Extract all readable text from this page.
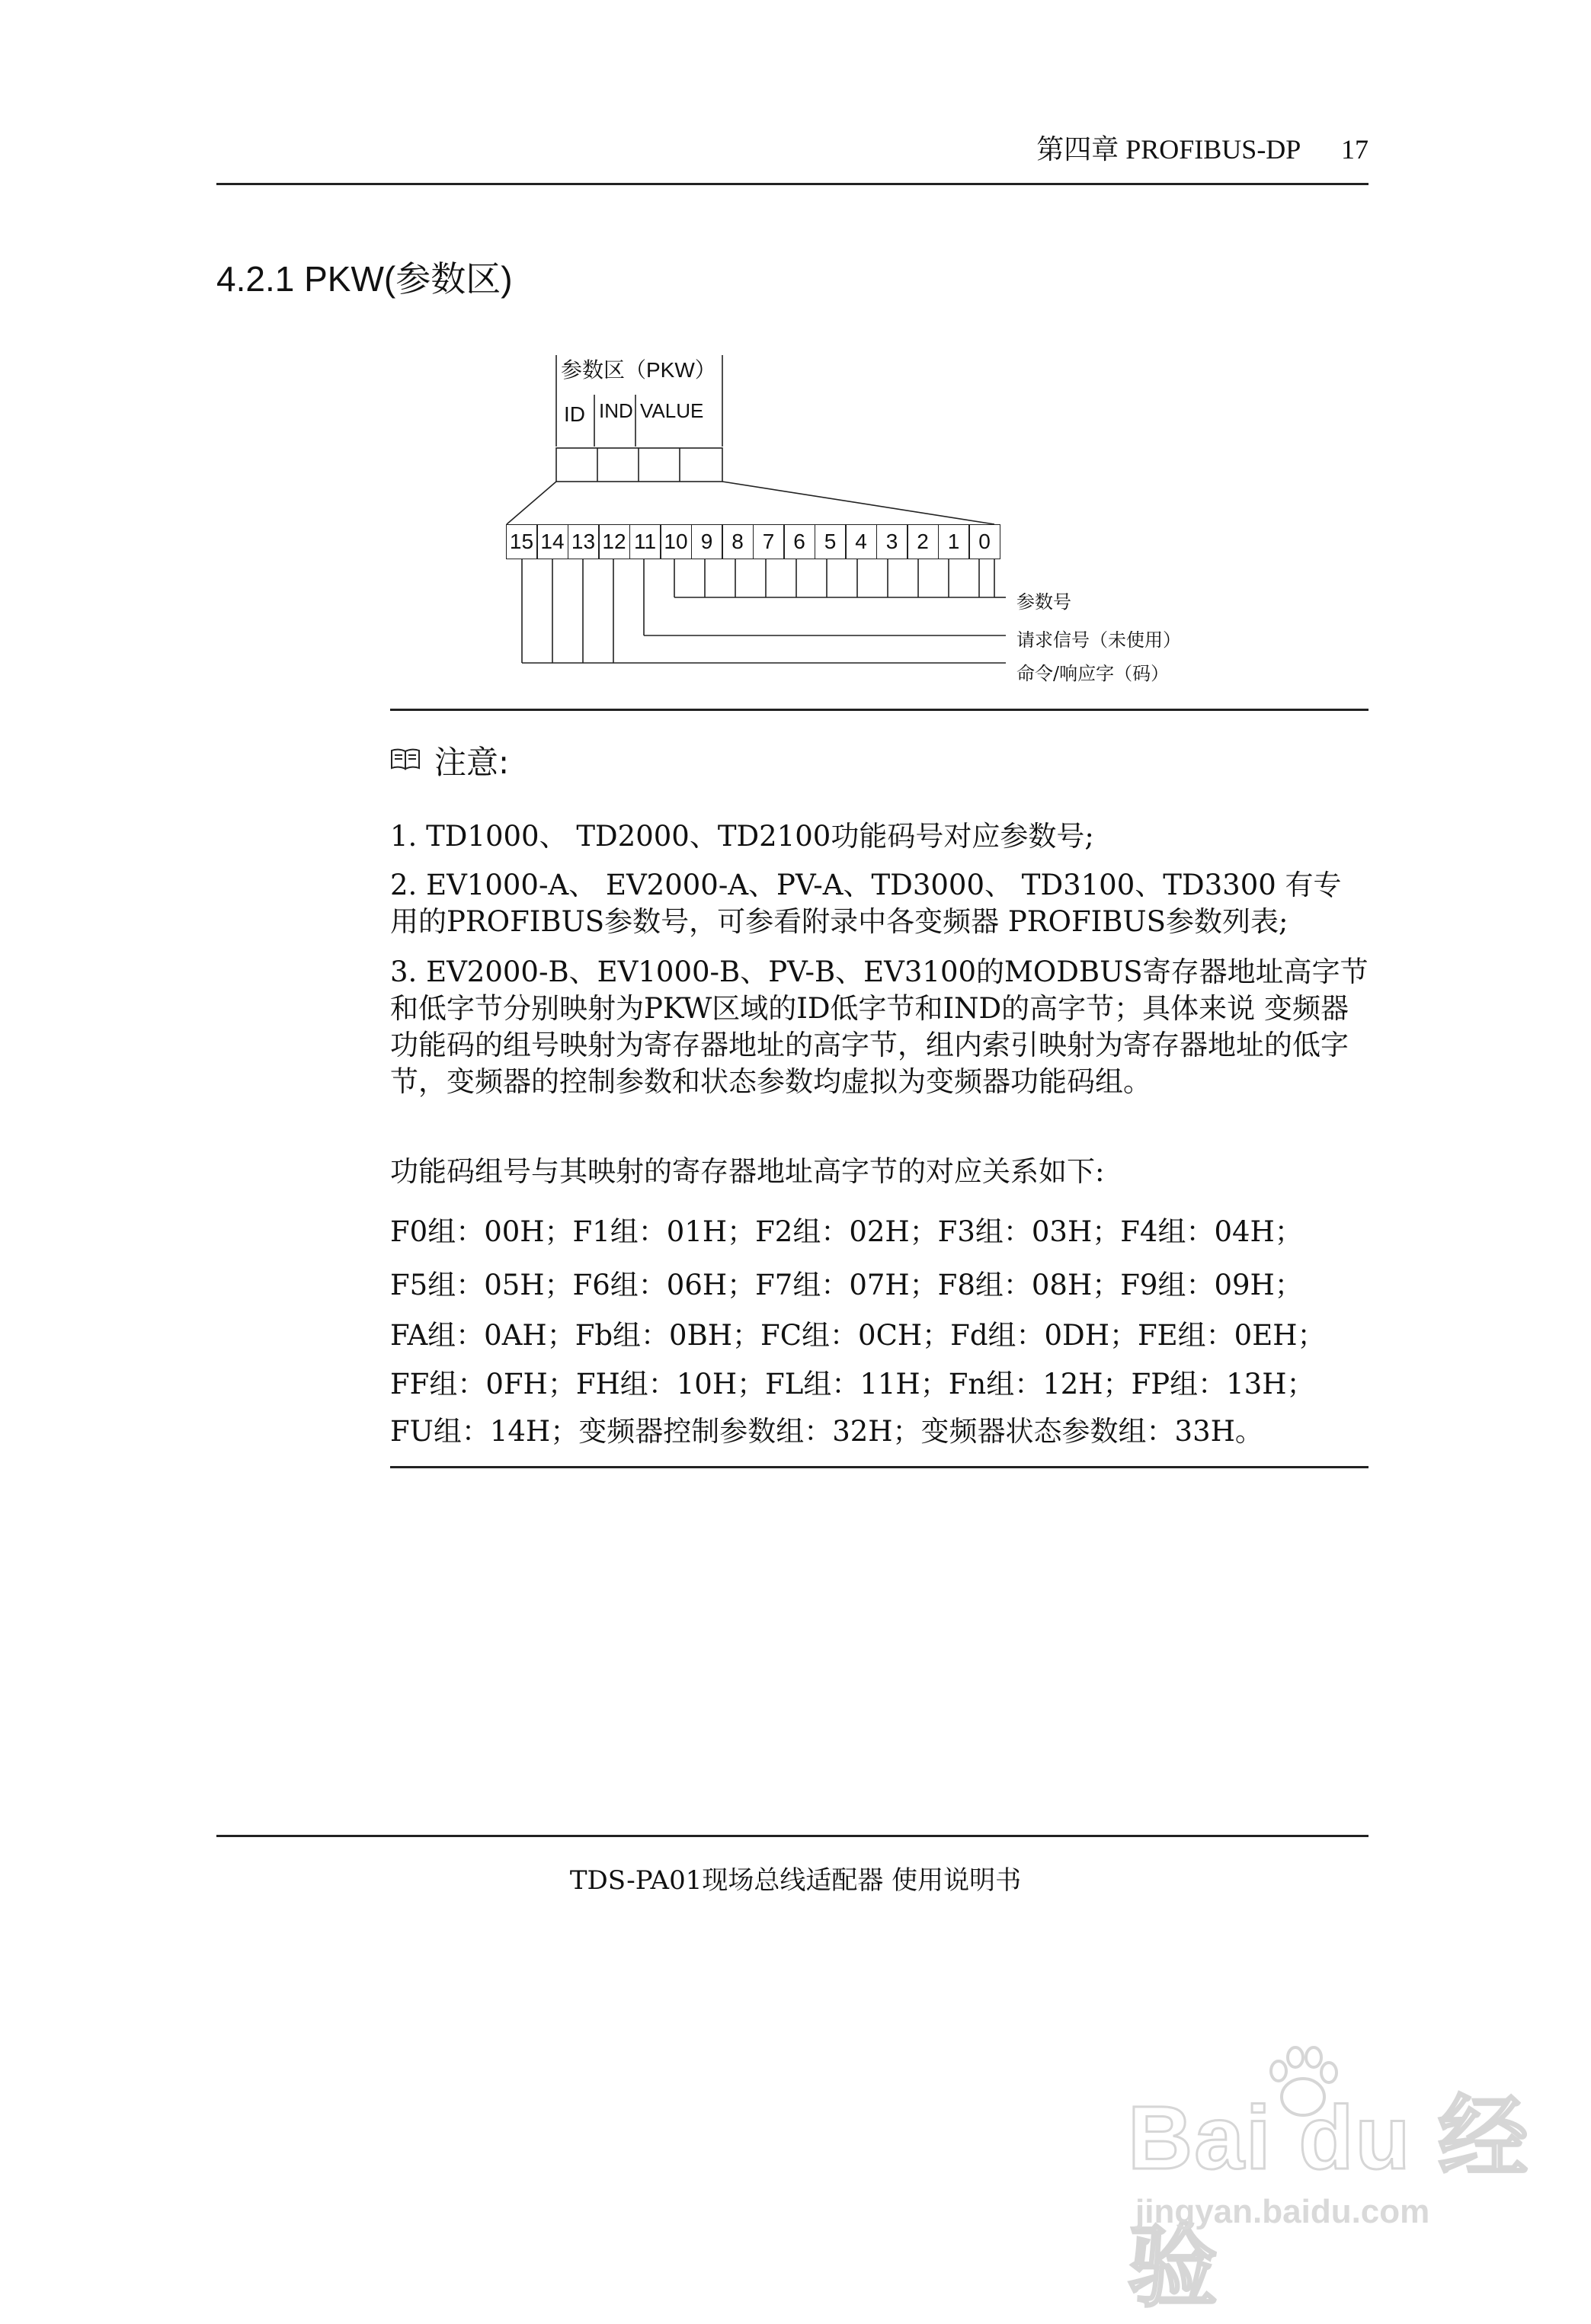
第四章 PROFIBUS-DP 17
4.2.1 PKW(参数区)
参数区（PKW）
ID IND VALUE
15 14 13 12 11 10 9 8 7 6 5 4 3 2 1 0
参数号
请求信号（未使用）
命令/响应字（码）
注意:
1. TD1000、 TD2000、TD2100功能码号对应参数号;
2. EV1000-A、 EV2000-A、PV-A、TD3000、 TD3100、TD3300 有专用的PROFIBUS参数号，可参看附录中各变频器 PROFIBUS参数列表;
3. EV2000-B、EV1000-B、PV-B、EV3100的MODBUS寄存器地址高字节和低字节分别映射为PKW区域的ID低字节和IND的高字节；具体来说 变频器功能码的组号映射为寄存器地址的高字节，组内索引映射为寄存器地址的低字节，变频器的控制参数和状态参数均虚拟为变频器功能码组。
功能码组号与其映射的寄存器地址高字节的对应关系如下:
F0组：00H；F1组：01H；F2组：02H；F3组：03H；F4组：04H；
F5组：05H；F6组：06H；F7组：07H；F8组：08H；F9组：09H；
FA组：0AH；Fb组：0BH；FC组：0CH；Fd组：0DH；FE组：0EH；
FF组：0FH；FH组：10H；FL组：11H；Fn组：12H；FP组：13H；
FU组：14H；变频器控制参数组：32H；变频器状态参数组：33H。
TDS-PA01现场总线适配器 使用说明书
Bai du 经验
jingyan.baidu.com
